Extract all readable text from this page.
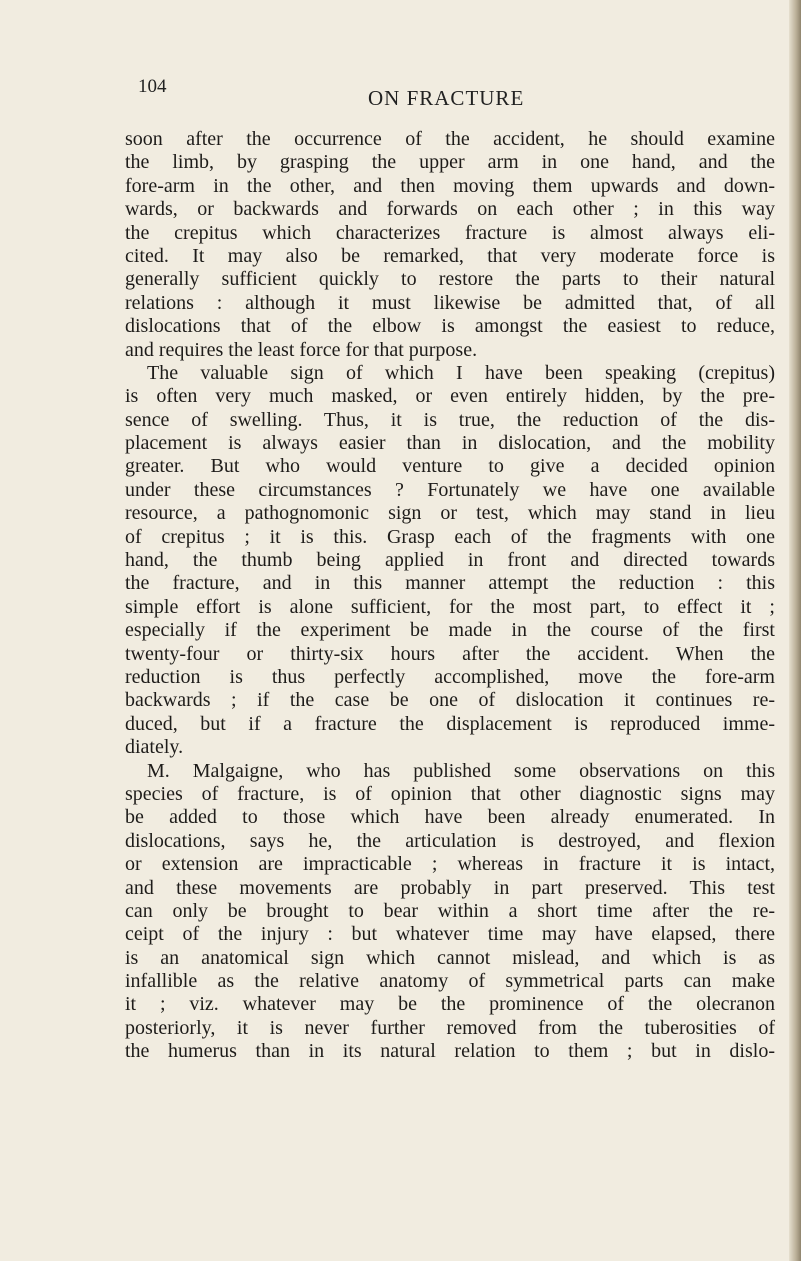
104	ON FRACTURE
soon after the occurrence of the accident, he should examine
the limb, by grasping the upper arm in one hand, and the
fore-arm in the other, and then moving them upwards and down-
wards, or backwards and forwards on each other ; in this way
the crepitus which characterizes fracture is almost always eli-
cited. It may also be remarked, that very moderate force is
generally sufficient quickly to restore the parts to their natural
relations : although it must likewise be admitted that, of all
dislocations that of the elbow is amongst the easiest to reduce,
and requires the least force for that purpose.
The valuable sign of which I have been speaking (crepitus)
is often very much masked, or even entirely hidden, by the pre-
sence of swelling. Thus, it is true, the reduction of the dis-
placement is always easier than in dislocation, and the mobility
greater. But who would venture to give a decided opinion
under these circumstances ? Fortunately we have one available
resource, a pathognomonic sign or test, which may stand in lieu
of crepitus ; it is this. Grasp each of the fragments with one
hand, the thumb being applied in front and directed towards
the fracture, and in this manner attempt the reduction : this
simple effort is alone sufficient, for the most part, to effect it ;
especially if the experiment be made in the course of the first
twenty-four or thirty-six hours after the accident. When the
reduction is thus perfectly accomplished, move the fore-arm
backwards ; if the case be one of dislocation it continues re-
duced, but if a fracture the displacement is reproduced imme-
diately.
M. Malgaigne, who has published some observations on this
species of fracture, is of opinion that other diagnostic signs may
be added to those which have been already enumerated. In
dislocations, says he, the articulation is destroyed, and flexion
or extension are impracticable ; whereas in fracture it is intact,
and these movements are probably in part preserved. This test
can only be brought to bear within a short time after the re-
ceipt of the injury : but whatever time may have elapsed, there
is an anatomical sign which cannot mislead, and which is as
infallible as the relative anatomy of symmetrical parts can make
it ; viz. whatever may be the prominence of the olecranon
posteriorly, it is never further removed from the tuberosities of
the humerus than in its natural relation to them ; but in dislo-
